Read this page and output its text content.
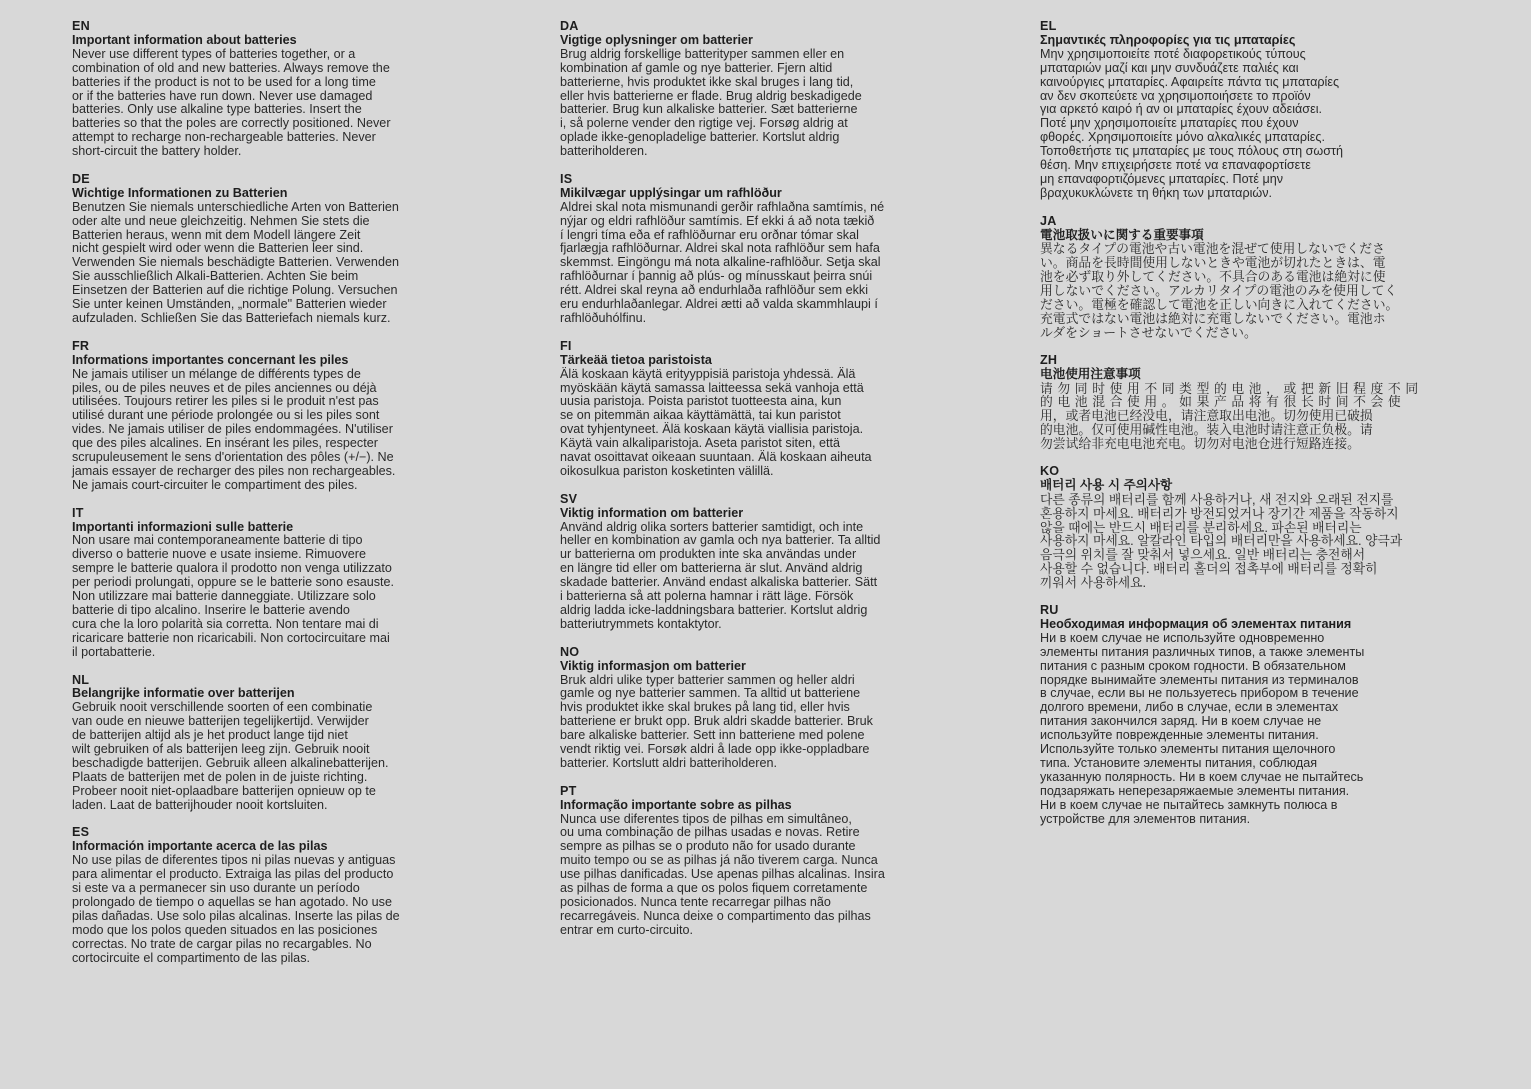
EN
Important information about batteries
Never use different types of batteries together, or a
combination of old and new batteries. Always remove the
batteries if the product is not to be used for a long time
or if the batteries have run down. Never use damaged
batteries. Only use alkaline type batteries. Insert the
batteries so that the poles are correctly positioned. Never
attempt to recharge non-rechargeable batteries. Never
short-circuit the battery holder.
DE
Wichtige Informationen zu Batterien
Benutzen Sie niemals unterschiedliche Arten von Batterien
oder alte und neue gleichzeitig. Nehmen Sie stets die
Batterien heraus, wenn mit dem Modell längere Zeit
nicht gespielt wird oder wenn die Batterien leer sind.
Verwenden Sie niemals beschädigte Batterien. Verwenden
Sie ausschließlich Alkali-Batterien. Achten Sie beim
Einsetzen der Batterien auf die richtige Polung. Versuchen
Sie unter keinen Umständen, „normale" Batterien wieder
aufzuladen. Schließen Sie das Batteriefach niemals kurz.
FR
Informations importantes concernant les piles
Ne jamais utiliser un mélange de différents types de
piles, ou de piles neuves et de piles anciennes ou déjà
utilisées. Toujours retirer les piles si le produit n'est pas
utilisé durant une période prolongée ou si les piles sont
vides. Ne jamais utiliser de piles endommagées. N'utiliser
que des piles alcalines. En insérant les piles, respecter
scrupuleusement le sens d'orientation des pôles (+/−). Ne
jamais essayer de recharger des piles non rechargeables.
Ne jamais court-circuiter le compartiment des piles.
IT
Importanti informazioni sulle batterie
Non usare mai contemporaneamente batterie di tipo
diverso o batterie nuove e usate insieme. Rimuovere
sempre le batterie qualora il prodotto non venga utilizzato
per periodi prolungati, oppure se le batterie sono esauste.
Non utilizzare mai batterie danneggiate. Utilizzare solo
batterie di tipo alcalino. Inserire le batterie avendo
cura che la loro polarità sia corretta. Non tentare mai di
ricaricare batterie non ricaricabili. Non cortocircuitare mai
il portabatterie.
NL
Belangrijke informatie over batterijen
Gebruik nooit verschillende soorten of een combinatie
van oude en nieuwe batterijen tegelijkertijd. Verwijder
de batterijen altijd als je het product lange tijd niet
wilt gebruiken of als batterijen leeg zijn. Gebruik nooit
beschadigde batterijen. Gebruik alleen alkalinebatterijen.
Plaats de batterijen met de polen in de juiste richting.
Probeer nooit niet-oplaadbare batterijen opnieuw op te
laden. Laat de batterijhouder nooit kortsluiten.
ES
Información importante acerca de las pilas
No use pilas de diferentes tipos ni pilas nuevas y antiguas
para alimentar el producto. Extraiga las pilas del producto
si este va a permanecer sin uso durante un período
prolongado de tiempo o aquellas se han agotado. No use
pilas dañadas. Use solo pilas alcalinas. Inserte las pilas de
modo que los polos queden situados en las posiciones
correctas. No trate de cargar pilas no recargables. No
cortocircuite el compartimento de las pilas.
DA
Vigtige oplysninger om batterier
Brug aldrig forskellige batterityper sammen eller en
kombination af gamle og nye batterier. Fjern altid
batterierne, hvis produktet ikke skal bruges i lang tid,
eller hvis batterierne er flade. Brug aldrig beskadigede
batterier. Brug kun alkaliske batterier. Sæt batterierne
i, så polerne vender den rigtige vej. Forsøg aldrig at
oplade ikke-genopladelige batterier. Kortslut aldrig
batteriholderen.
IS
Mikilvægar upplýsingar um rafhlöður
Aldrei skal nota mismunandi gerðir rafhlaðna samtímis, né
nýjar og eldri rafhlöður samtímis. Ef ekki á að nota tækið
í lengri tíma eða ef rafhlöðurnar eru orðnar tómar skal
fjarlægja rafhlöðurnar. Aldrei skal nota rafhlöður sem hafa
skemmst. Eingöngu má nota alkaline-rafhlöður. Setja skal
rafhlöðurnar í þannig að plús- og mínusskaut þeirra snúi
rétt. Aldrei skal reyna að endurhlaða rafhlöður sem ekki
eru endurhlaðanlegar. Aldrei ætti að valda skammhlaupi í
rafhlöðuhólfinu.
FI
Tärkeää tietoa paristoista
Älä koskaan käytä erityyppisiä paristoja yhdessä. Älä
myöskään käytä samassa laitteessa sekä vanhoja että
uusia paristoja. Poista paristot tuotteesta aina, kun
se on pitemmän aikaa käyttämättä, tai kun paristot
ovat tyhjentyneet. Älä koskaan käytä viallisia paristoja.
Käytä vain alkaliparistoja. Aseta paristot siten, että
navat osoittavat oikeaan suuntaan. Älä koskaan aiheuta
oikosulkua pariston kosketinten välillä.
SV
Viktig information om batterier
Använd aldrig olika sorters batterier samtidigt, och inte
heller en kombination av gamla och nya batterier. Ta alltid
ur batterierna om produkten inte ska användas under
en längre tid eller om batterierna är slut. Använd aldrig
skadade batterier. Använd endast alkaliska batterier. Sätt
i batterierna så att polerna hamnar i rätt läge. Försök
aldrig ladda icke-laddningsbara batterier. Kortslut aldrig
batteriutrymmets kontaktytor.
NO
Viktig informasjon om batterier
Bruk aldri ulike typer batterier sammen og heller aldri
gamle og nye batterier sammen. Ta alltid ut batteriene
hvis produktet ikke skal brukes på lang tid, eller hvis
batteriene er brukt opp. Bruk aldri skadde batterier. Bruk
bare alkaliske batterier. Sett inn batteriene med polene
vendt riktig vei. Forsøk aldri å lade opp ikke-oppladbare
batterier. Kortslutt aldri batteriholderen.
PT
Informação importante sobre as pilhas
Nunca use diferentes tipos de pilhas em simultâneo,
ou uma combinação de pilhas usadas e novas. Retire
sempre as pilhas se o produto não for usado durante
muito tempo ou se as pilhas já não tiverem carga. Nunca
use pilhas danificadas. Use apenas pilhas alcalinas. Insira
as pilhas de forma a que os polos fiquem corretamente
posicionados. Nunca tente recarregar pilhas não
recarregáveis. Nunca deixe o compartimento das pilhas
entrar em curto-circuito.
EL
Σημαντικές πληροφορίες για τις μπαταρίες
Μην χρησιμοποιείτε ποτέ διαφορετικούς τύπους
μπαταριών μαζί και μην συνδυάζετε παλιές και
καινούργιες μπαταρίες. Αφαιρείτε πάντα τις μπαταρίες
αν δεν σκοπεύετε να χρησιμοποιήσετε το προϊόν
για αρκετό καιρό ή αν οι μπαταρίες έχουν αδειάσει.
Ποτέ μην χρησιμοποιείτε μπαταρίες που έχουν
φθορές. Χρησιμοποιείτε μόνο αλκαλικές μπαταρίες.
Τοποθετήστε τις μπαταρίες με τους πόλους στη σωστή
θέση. Μην επιχειρήσετε ποτέ να επαναφορτίσετε
μη επαναφορτιζόμενες μπαταρίες. Ποτέ μην
βραχυκυκλώνετε τη θήκη των μπαταριών.
JA
電池取扱いに関する重要事項
異なるタイプの電池や古い電池を混ぜて使用しないでくださ
い。商品を長時間使用しないときや電池が切れたときは、電
池を必ず取り外してください。不具合のある電池は絶対に使
用しないでください。アルカリタイプの電池のみを使用してく
ださい。電極を確認して電池を正しい向きに入れてください。
充電式ではない電池は絶対に充電しないでください。電池ホ
ルダをショートさせないでください。
ZH
电池使用注意事项
请勿同时使用不同类型的电池，或把新旧程度不同
的电池混合使用。如果产品将有很长时间不会使
用，或者电池已经没电，请注意取出电池。切勿使用已破损
的电池。仅可使用碱性电池。装入电池时请注意正负极。请
勿尝试给非充电电池充电。切勿对电池仓进行短路连接。
KO
배터리 사용 시 주의사항
다른 종류의 배터리를 함께 사용하거나, 새 전지와 오래된 전지를
혼용하지 마세요. 배터리가 방전되었거나 장기간 제품을 작동하지
않을 때에는 반드시 배터리를 분리하세요. 파손된 배터리는
사용하지 마세요. 알칼라인 타입의 배터리만을 사용하세요. 양극과
음극의 위치를 잘 맞춰서 넣으세요. 일반 배터리는 충전해서
사용할 수 없습니다. 배터리 홀더의 접촉부에 배터리를 정확히
끼워서 사용하세요.
RU
Необходимая информация об элементах питания
Ни в коем случае не используйте одновременно
элементы питания различных типов, а также элементы
питания с разным сроком годности. В обязательном
порядке вынимайте элементы питания из терминалов
в случае, если вы не пользуетесь прибором в течение
долгого времени, либо в случае, если в элементах
питания закончился заряд. Ни в коем случае не
используйте поврежденные элементы питания.
Используйте только элементы питания щелочного
типа. Установите элементы питания, соблюдая
указанную полярность. Ни в коем случае не пытайтесь
подзаряжать неперезаряжаемые элементы питания.
Ни в коем случае не пытайтесь замкнуть полюса в
устройстве для элементов питания.
